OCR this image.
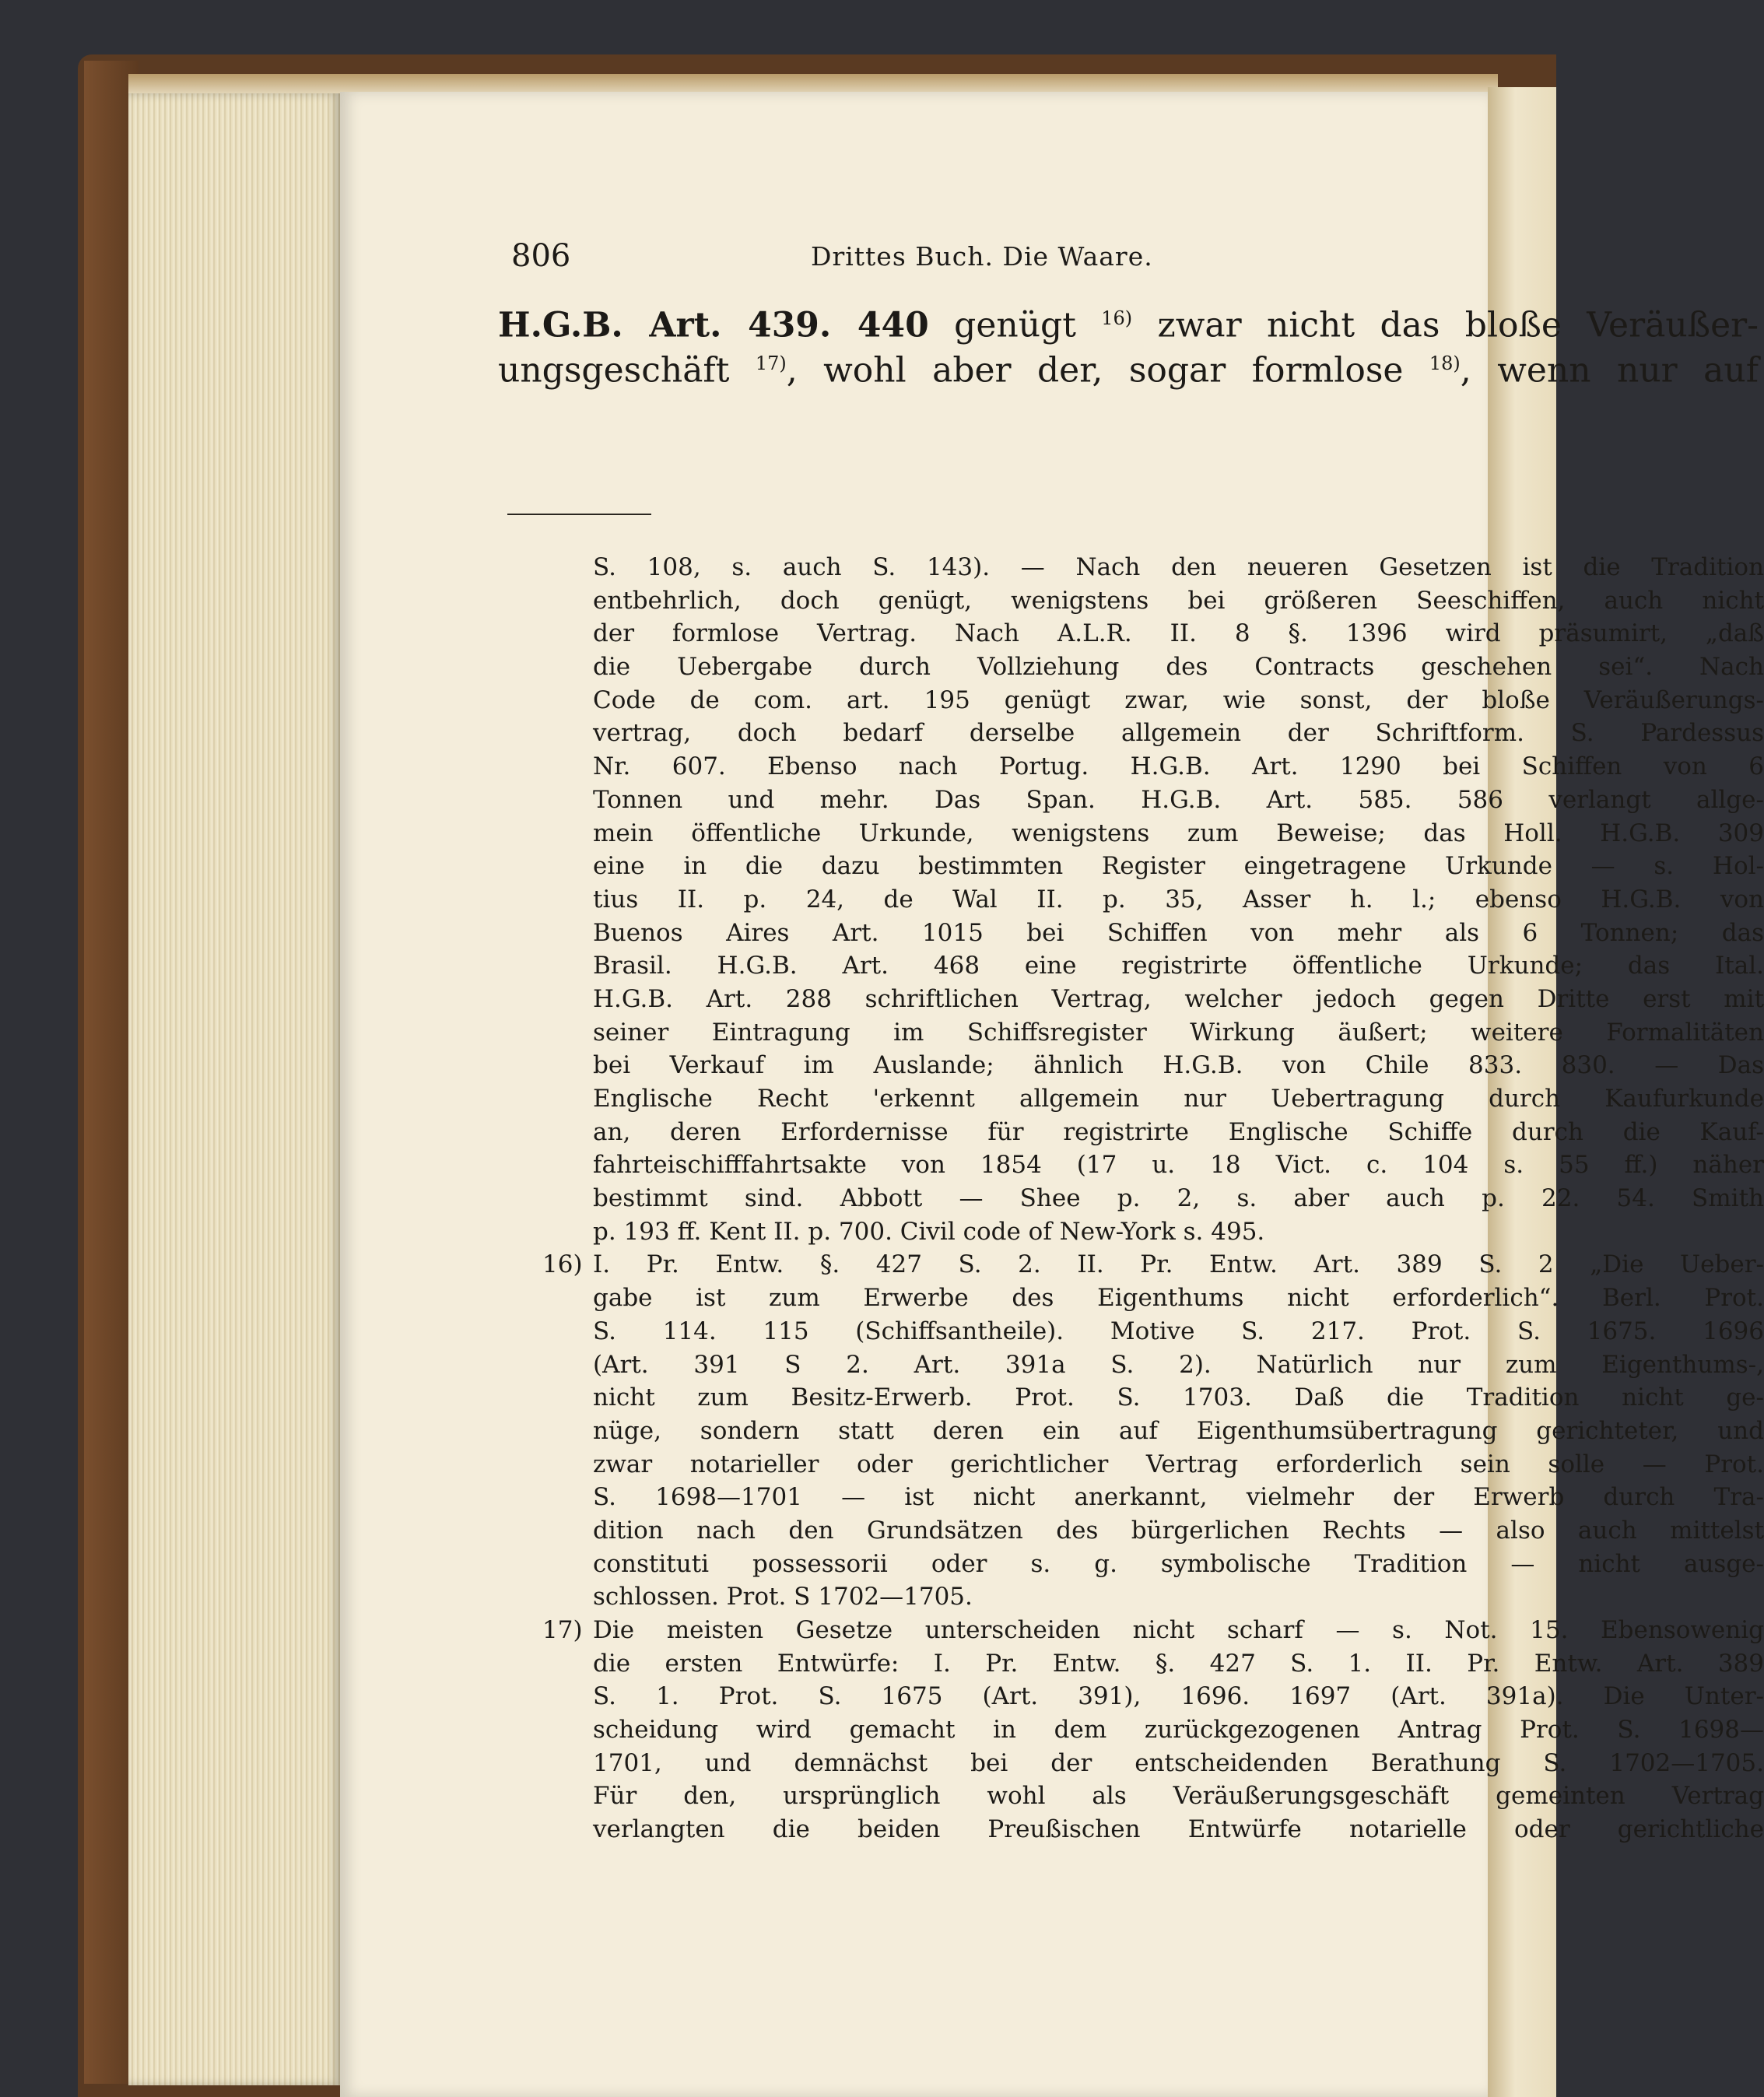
806	Drittes Buch. Die Waare.
H.G.B. Art. 439. 440 genügt $^{16)}$ zwar nicht das bloße Veräußer-
ungsgeschäft $^{17)}$, wohl aber der, sogar formlose $^{18)}$, wenn nur auf
S. 108, s. auch S. 143). — Nach den neueren Gesetzen ist die Tradition
entbehrlich, doch genügt, wenigstens bei größeren Seeschiffen, auch nicht
der formlose Vertrag. Nach A.L.R. II. 8 §. 1396 wird präsumirt, „daß
die Uebergabe durch Vollziehung des Contracts geschehen sei“. Nach
Code de com. art. 195 genügt zwar, wie sonst, der bloße Veräußerungs-
vertrag, doch bedarf derselbe allgemein der Schriftform. S. Pardessus
Nr. 607. Ebenso nach Portug. H.G.B. Art. 1290 bei Schiffen von 6
Tonnen und mehr. Das Span. H.G.B. Art. 585. 586 verlangt allge-
mein öffentliche Urkunde, wenigstens zum Beweise; das Holl. H.G.B. 309
eine in die dazu bestimmten Register eingetragene Urkunde — s. Hol-
tius II. p. 24, de Wal II. p. 35, Asser h. l.; ebenso H.G.B. von
Buenos Aires Art. 1015 bei Schiffen von mehr als 6 Tonnen; das
Brasil. H.G.B. Art. 468 eine registrirte öffentliche Urkunde; das Ital.
H.G.B. Art. 288 schriftlichen Vertrag, welcher jedoch gegen Dritte erst mit
seiner Eintragung im Schiffsregister Wirkung äußert; weitere Formalitäten
bei Verkauf im Auslande; ähnlich H.G.B. von Chile 833. 830. — Das
Englische Recht 'erkennt allgemein nur Uebertragung durch Kaufurkunde
an, deren Erfordernisse für registrirte Englische Schiffe durch die Kauf-
fahrteischifffahrtsakte von 1854 (17 u. 18 Vict. c. 104 s. 55 ff.) näher
bestimmt sind. Abbott — Shee p. 2, s. aber auch p. 22. 54. Smith
p. 193 ff. Kent II. p. 700. Civil code of New-York s. 495.
16) I. Pr. Entw. §. 427 S. 2. II. Pr. Entw. Art. 389 S. 2 „Die Ueber-
gabe ist zum Erwerbe des Eigenthums nicht erforderlich“. Berl. Prot.
S. 114. 115 (Schiffsantheile). Motive S. 217. Prot. S. 1675. 1696
(Art. 391 S 2. Art. 391a S. 2). Natürlich nur zum Eigenthums-,
nicht zum Besitz-Erwerb. Prot. S. 1703. Daß die Tradition nicht ge-
nüge, sondern statt deren ein auf Eigenthumsübertragung gerichteter, und
zwar notarieller oder gerichtlicher Vertrag erforderlich sein solle — Prot.
S. 1698—1701 — ist nicht anerkannt, vielmehr der Erwerb durch Tra-
dition nach den Grundsätzen des bürgerlichen Rechts — also auch mittelst
constituti possessorii oder s. g. symbolische Tradition — nicht ausge-
schlossen. Prot. S 1702—1705.
17) Die meisten Gesetze unterscheiden nicht scharf — s. Not. 15. Ebensowenig
die ersten Entwürfe: I. Pr. Entw. §. 427 S. 1. II. Pr. Entw. Art. 389
S. 1. Prot. S. 1675 (Art. 391), 1696. 1697 (Art. 391a). Die Unter-
scheidung wird gemacht in dem zurückgezogenen Antrag Prot. S. 1698—
1701, und demnächst bei der entscheidenden Berathung S. 1702—1705.
Für den, ursprünglich wohl als Veräußerungsgeschäft gemeinten Vertrag
verlangten die beiden Preußischen Entwürfe notarielle oder gerichtliche
